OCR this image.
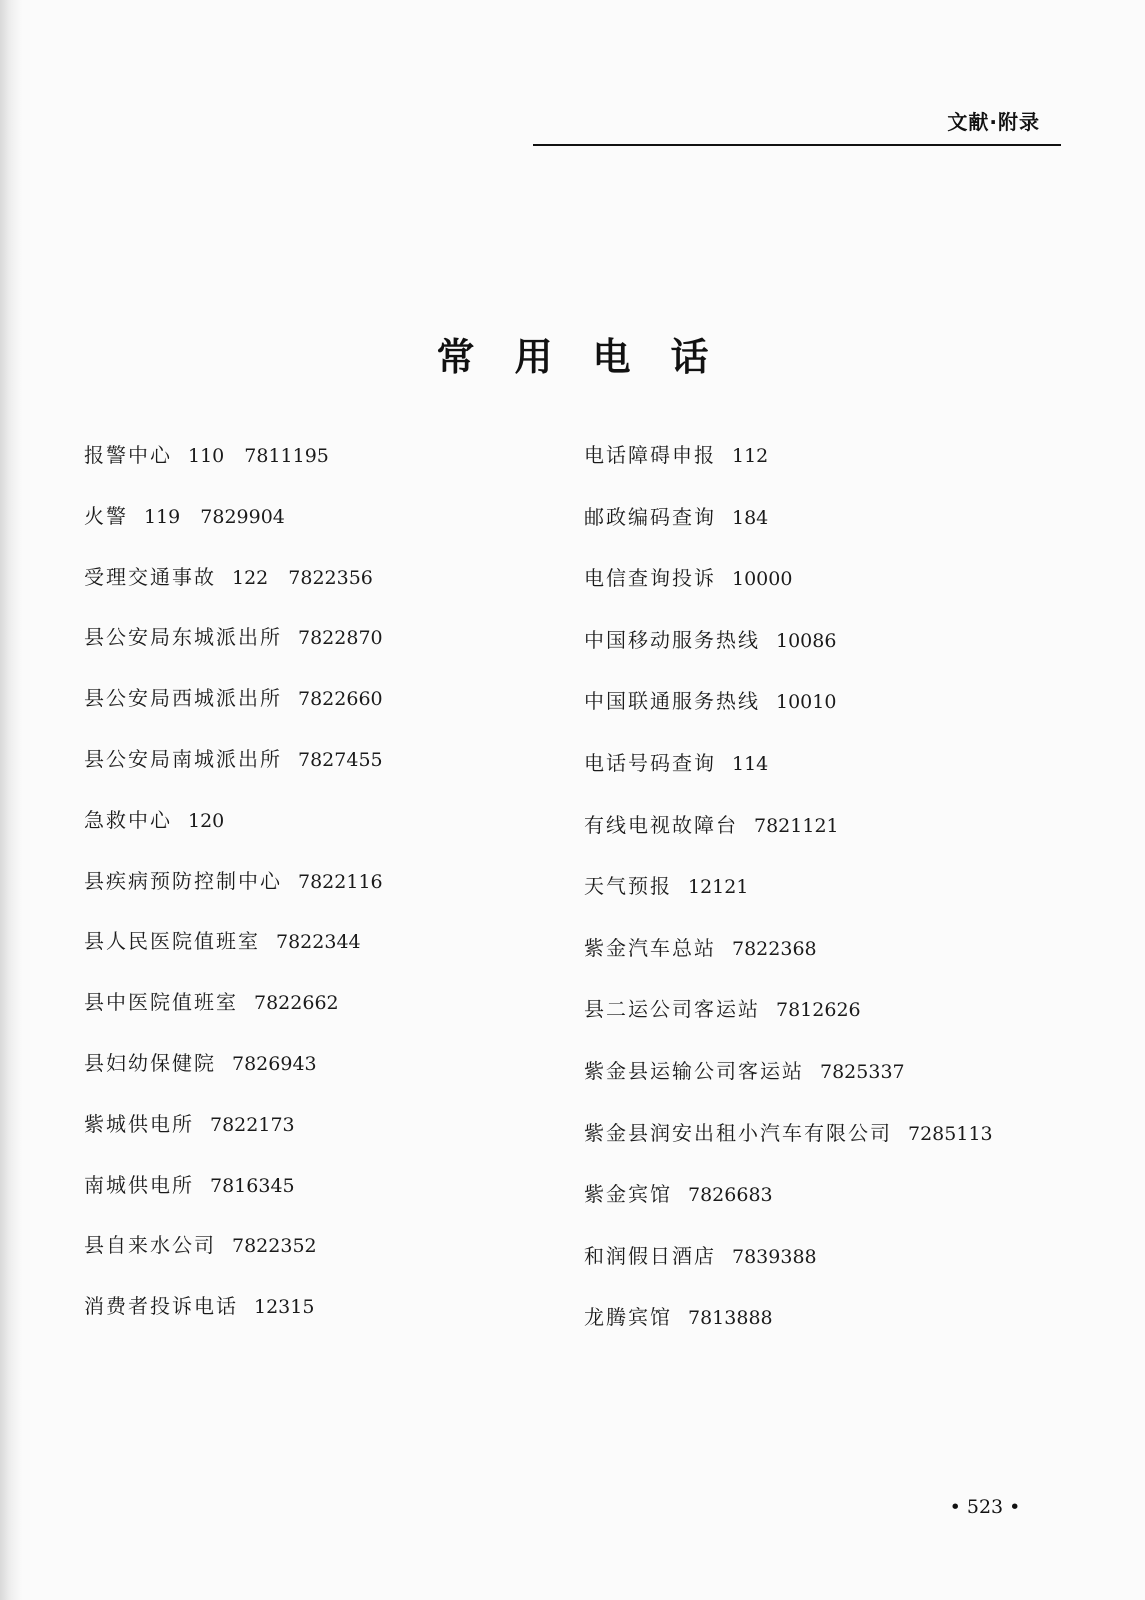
文献·附录
常用电话
报警中心 110 7811195
火警 119 7829904
受理交通事故 122 7822356
县公安局东城派出所 7822870
县公安局西城派出所 7822660
县公安局南城派出所 7827455
急救中心 120
县疾病预防控制中心 7822116
县人民医院值班室 7822344
县中医院值班室 7822662
县妇幼保健院 7826943
紫城供电所 7822173
南城供电所 7816345
县自来水公司 7822352
消费者投诉电话 12315
电话障碍申报 112
邮政编码查询 184
电信查询投诉 10000
中国移动服务热线 10086
中国联通服务热线 10010
电话号码查询 114
有线电视故障台 7821121
天气预报 12121
紫金汽车总站 7822368
县二运公司客运站 7812626
紫金县运输公司客运站 7825337
紫金县润安出租小汽车有限公司 7285113
紫金宾馆 7826683
和润假日酒店 7839388
龙腾宾馆 7813888
• 523 •
